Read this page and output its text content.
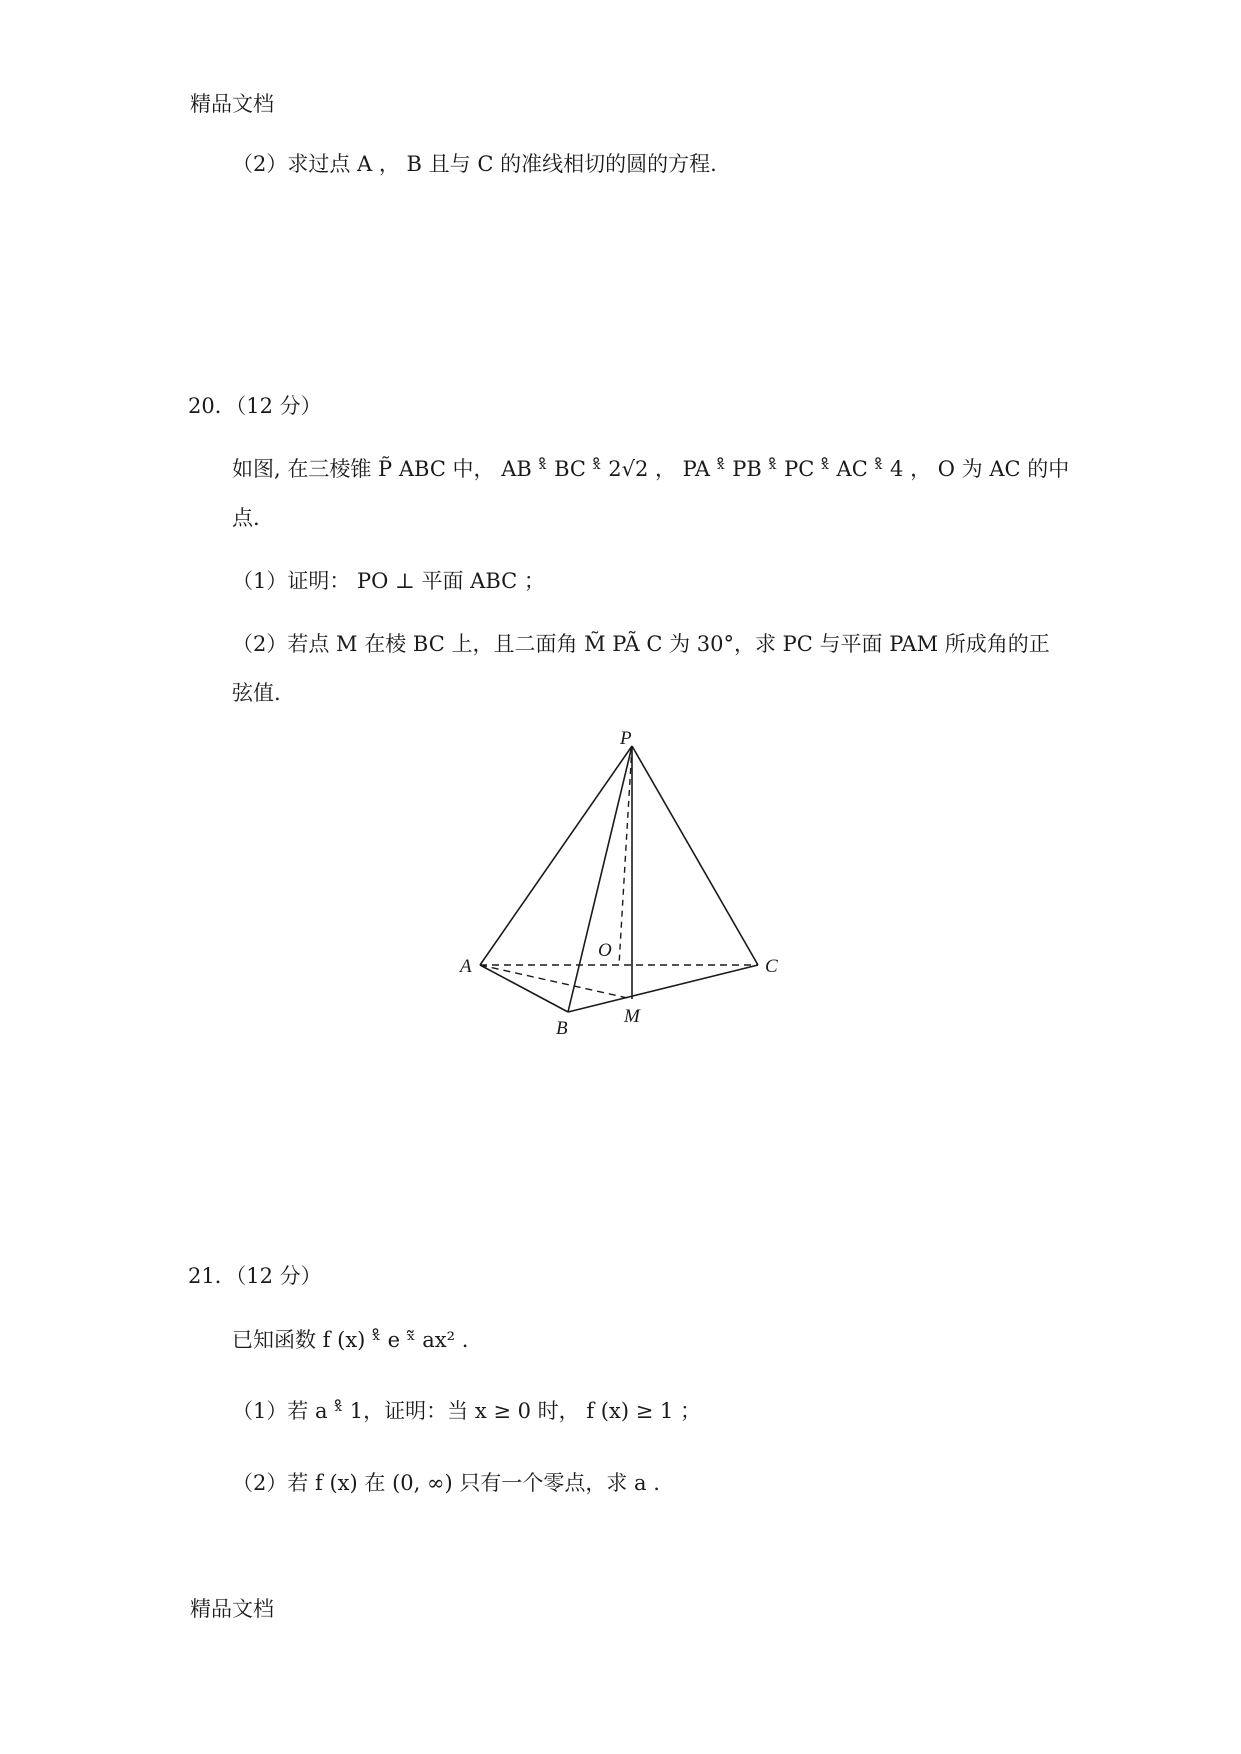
精品文档
（2）求过点 A ， B 且与 C 的准线相切的圆的方程.
20．（12 分）
如图, 在三棱锥 P̃ ABC 中， AB ˣ̊ BC ˣ̊ 2√2 ， PA ˣ̊ PB ˣ̊ PC ˣ̊ AC ˣ̊ 4 ， O 为 AC 的中
点.
（1）证明： PO ⊥ 平面 ABC ；
（2）若点 M 在棱 BC 上，且二面角 M̃ PÃ C 为 30°，求 PC 与平面 PAM 所成角的正
弦值.
P
O
A	C
B
M
21．（12 分）
已知函数 f (x) ˣ̊ e ˣ̃ ax² .
（1）若 a ˣ̊ 1，证明：当 x ≥ 0 时， f (x) ≥ 1 ；
（2）若 f (x) 在 (0, ∞) 只有一个零点，求 a .
精品文档
